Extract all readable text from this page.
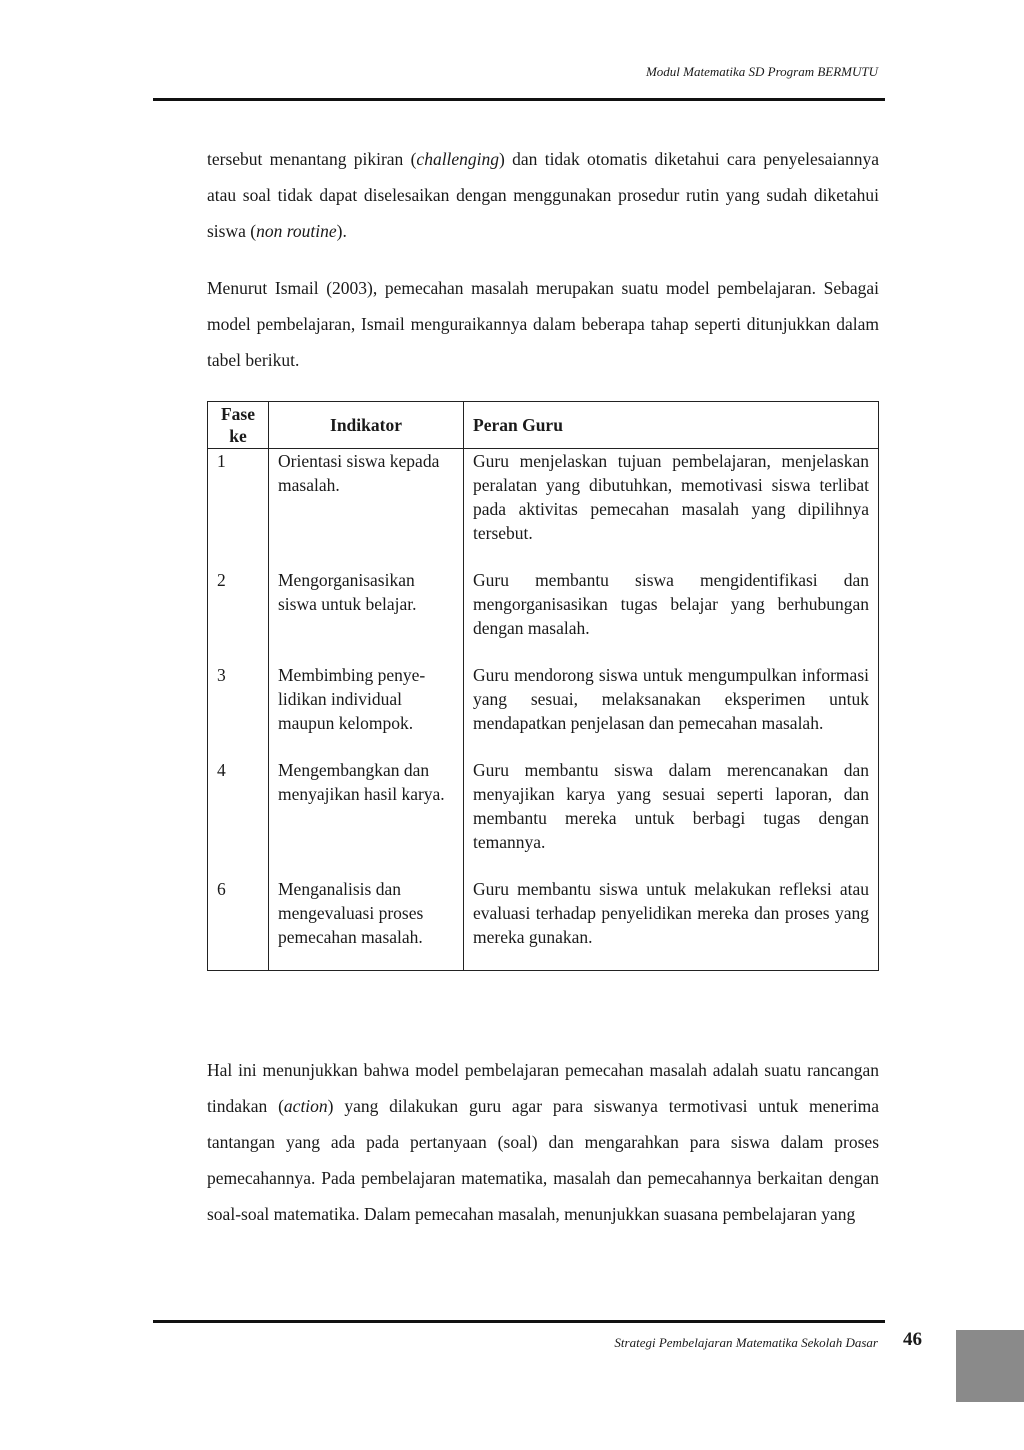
Modul Matematika SD Program BERMUTU

tersebut menantang pikiran (challenging) dan tidak otomatis diketahui cara penyelesaiannya atau soal tidak dapat diselesaikan dengan menggunakan prosedur rutin yang sudah diketahui siswa (non routine).

Menurut Ismail (2003), pemecahan masalah merupakan suatu model pembelajaran. Sebagai model pembelajaran, Ismail menguraikannya dalam beberapa tahap seperti ditunjukkan dalam tabel berikut.

Fase ke	Indikator	Peran Guru
1	Orientasi siswa kepada masalah.	Guru menjelaskan tujuan pembelajaran, menjelaskan peralatan yang dibutuhkan, memotivasi siswa terlibat pada aktivitas pemecahan masalah yang dipilihnya tersebut.
2	Mengorganisasikan siswa untuk belajar.	Guru membantu siswa mengidentifikasi dan mengorganisasikan tugas belajar yang berhubungan dengan masalah.
3	Membimbing penye-lidikan individual maupun kelompok.	Guru mendorong siswa untuk mengumpulkan informasi yang sesuai, melaksanakan eksperimen untuk mendapatkan penjelasan dan pemecahan masalah.
4	Mengembangkan dan menyajikan hasil karya.	Guru membantu siswa dalam merencanakan dan menyajikan karya yang sesuai seperti laporan, dan membantu mereka untuk berbagi tugas dengan temannya.
6	Menganalisis dan mengevaluasi proses pemecahan masalah.	Guru membantu siswa untuk melakukan refleksi atau evaluasi terhadap penyelidikan mereka dan proses yang mereka gunakan.

Hal ini menunjukkan bahwa model pembelajaran pemecahan masalah adalah suatu rancangan tindakan (action) yang dilakukan guru agar para siswanya termotivasi untuk menerima tantangan yang ada pada pertanyaan (soal) dan mengarahkan para siswa dalam proses pemecahannya. Pada pembelajaran matematika, masalah dan pemecahannya berkaitan dengan soal-soal matematika. Dalam pemecahan masalah, menunjukkan suasana pembelajaran yang

Strategi Pembelajaran Matematika Sekolah Dasar 46
